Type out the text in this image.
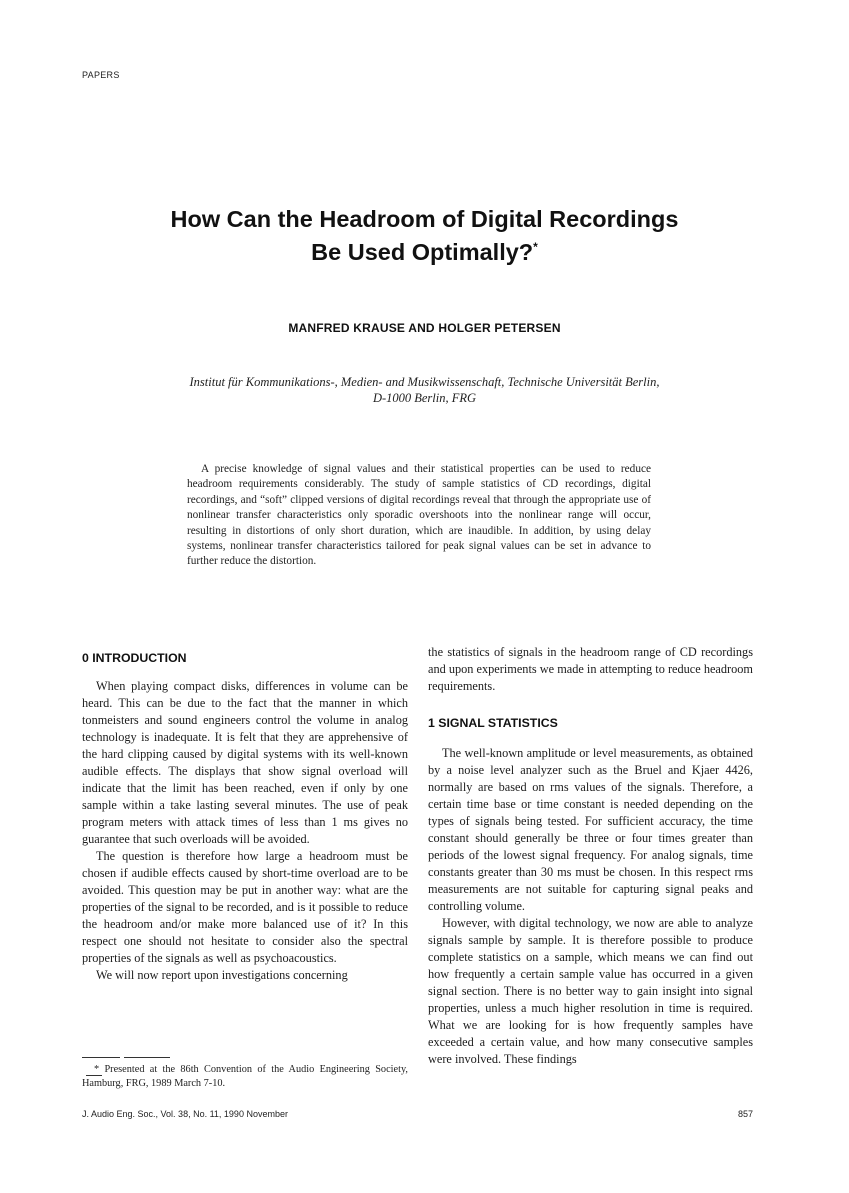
PAPERS
How Can the Headroom of Digital Recordings
Be Used Optimally?*
MANFRED KRAUSE AND HOLGER PETERSEN
Institut für Kommunikations-, Medien- and Musikwissenschaft, Technische Universität Berlin,
D-1000 Berlin, FRG
A precise knowledge of signal values and their statistical properties can be used to reduce headroom requirements considerably. The study of sample statistics of CD recordings, digital recordings, and “soft” clipped versions of digital recordings reveal that through the appropriate use of nonlinear transfer characteristics only sporadic overshoots into the nonlinear range will occur, resulting in distortions of only short duration, which are inaudible. In addition, by using delay systems, nonlinear transfer characteristics tailored for peak signal values can be set in advance to further reduce the distortion.
0 INTRODUCTION

When playing compact disks, differences in volume can be heard. This can be due to the fact that the manner in which tonmeisters and sound engineers control the volume in analog technology is inadequate. It is felt that they are apprehensive of the hard clipping caused by digital systems with its well-known audible effects. The displays that show signal overload will indicate that the limit has been reached, even if only by one sample within a take lasting several minutes. The use of peak program meters with attack times of less than 1 ms gives no guarantee that such overloads will be avoided.

The question is therefore how large a headroom must be chosen if audible effects caused by short-time overload are to be avoided. This question may be put in another way: what are the properties of the signal to be recorded, and is it possible to reduce the headroom and/or make more balanced use of it? In this respect one should not hesitate to consider also the spectral properties of the signals as well as psychoacoustics.

We will now report upon investigations concerning

the statistics of signals in the headroom range of CD recordings and upon experiments we made in attempting to reduce headroom requirements.

1 SIGNAL STATISTICS

The well-known amplitude or level measurements, as obtained by a noise level analyzer such as the Bruel and Kjaer 4426, normally are based on rms values of the signals. Therefore, a certain time base or time constant is needed depending on the types of signals being tested. For sufficient accuracy, the time constant should generally be three or four times greater than periods of the lowest signal frequency. For analog signals, time constants greater than 30 ms must be chosen. In this respect rms measurements are not suitable for capturing signal peaks and controlling volume.

However, with digital technology, we now are able to analyze signals sample by sample. It is therefore possible to produce complete statistics on a sample, which means we can find out how frequently a certain sample value has occurred in a given signal section. There is no better way to gain insight into signal properties, unless a much higher resolution in time is required. What we are looking for is how frequently samples have exceeded a certain value, and how many consecutive samples were involved. These findings

* Presented at the 86th Convention of the Audio Engineering Society, Hamburg, FRG, 1989 March 7-10.
J. Audio Eng. Soc., Vol. 38, No. 11, 1990 November	857
